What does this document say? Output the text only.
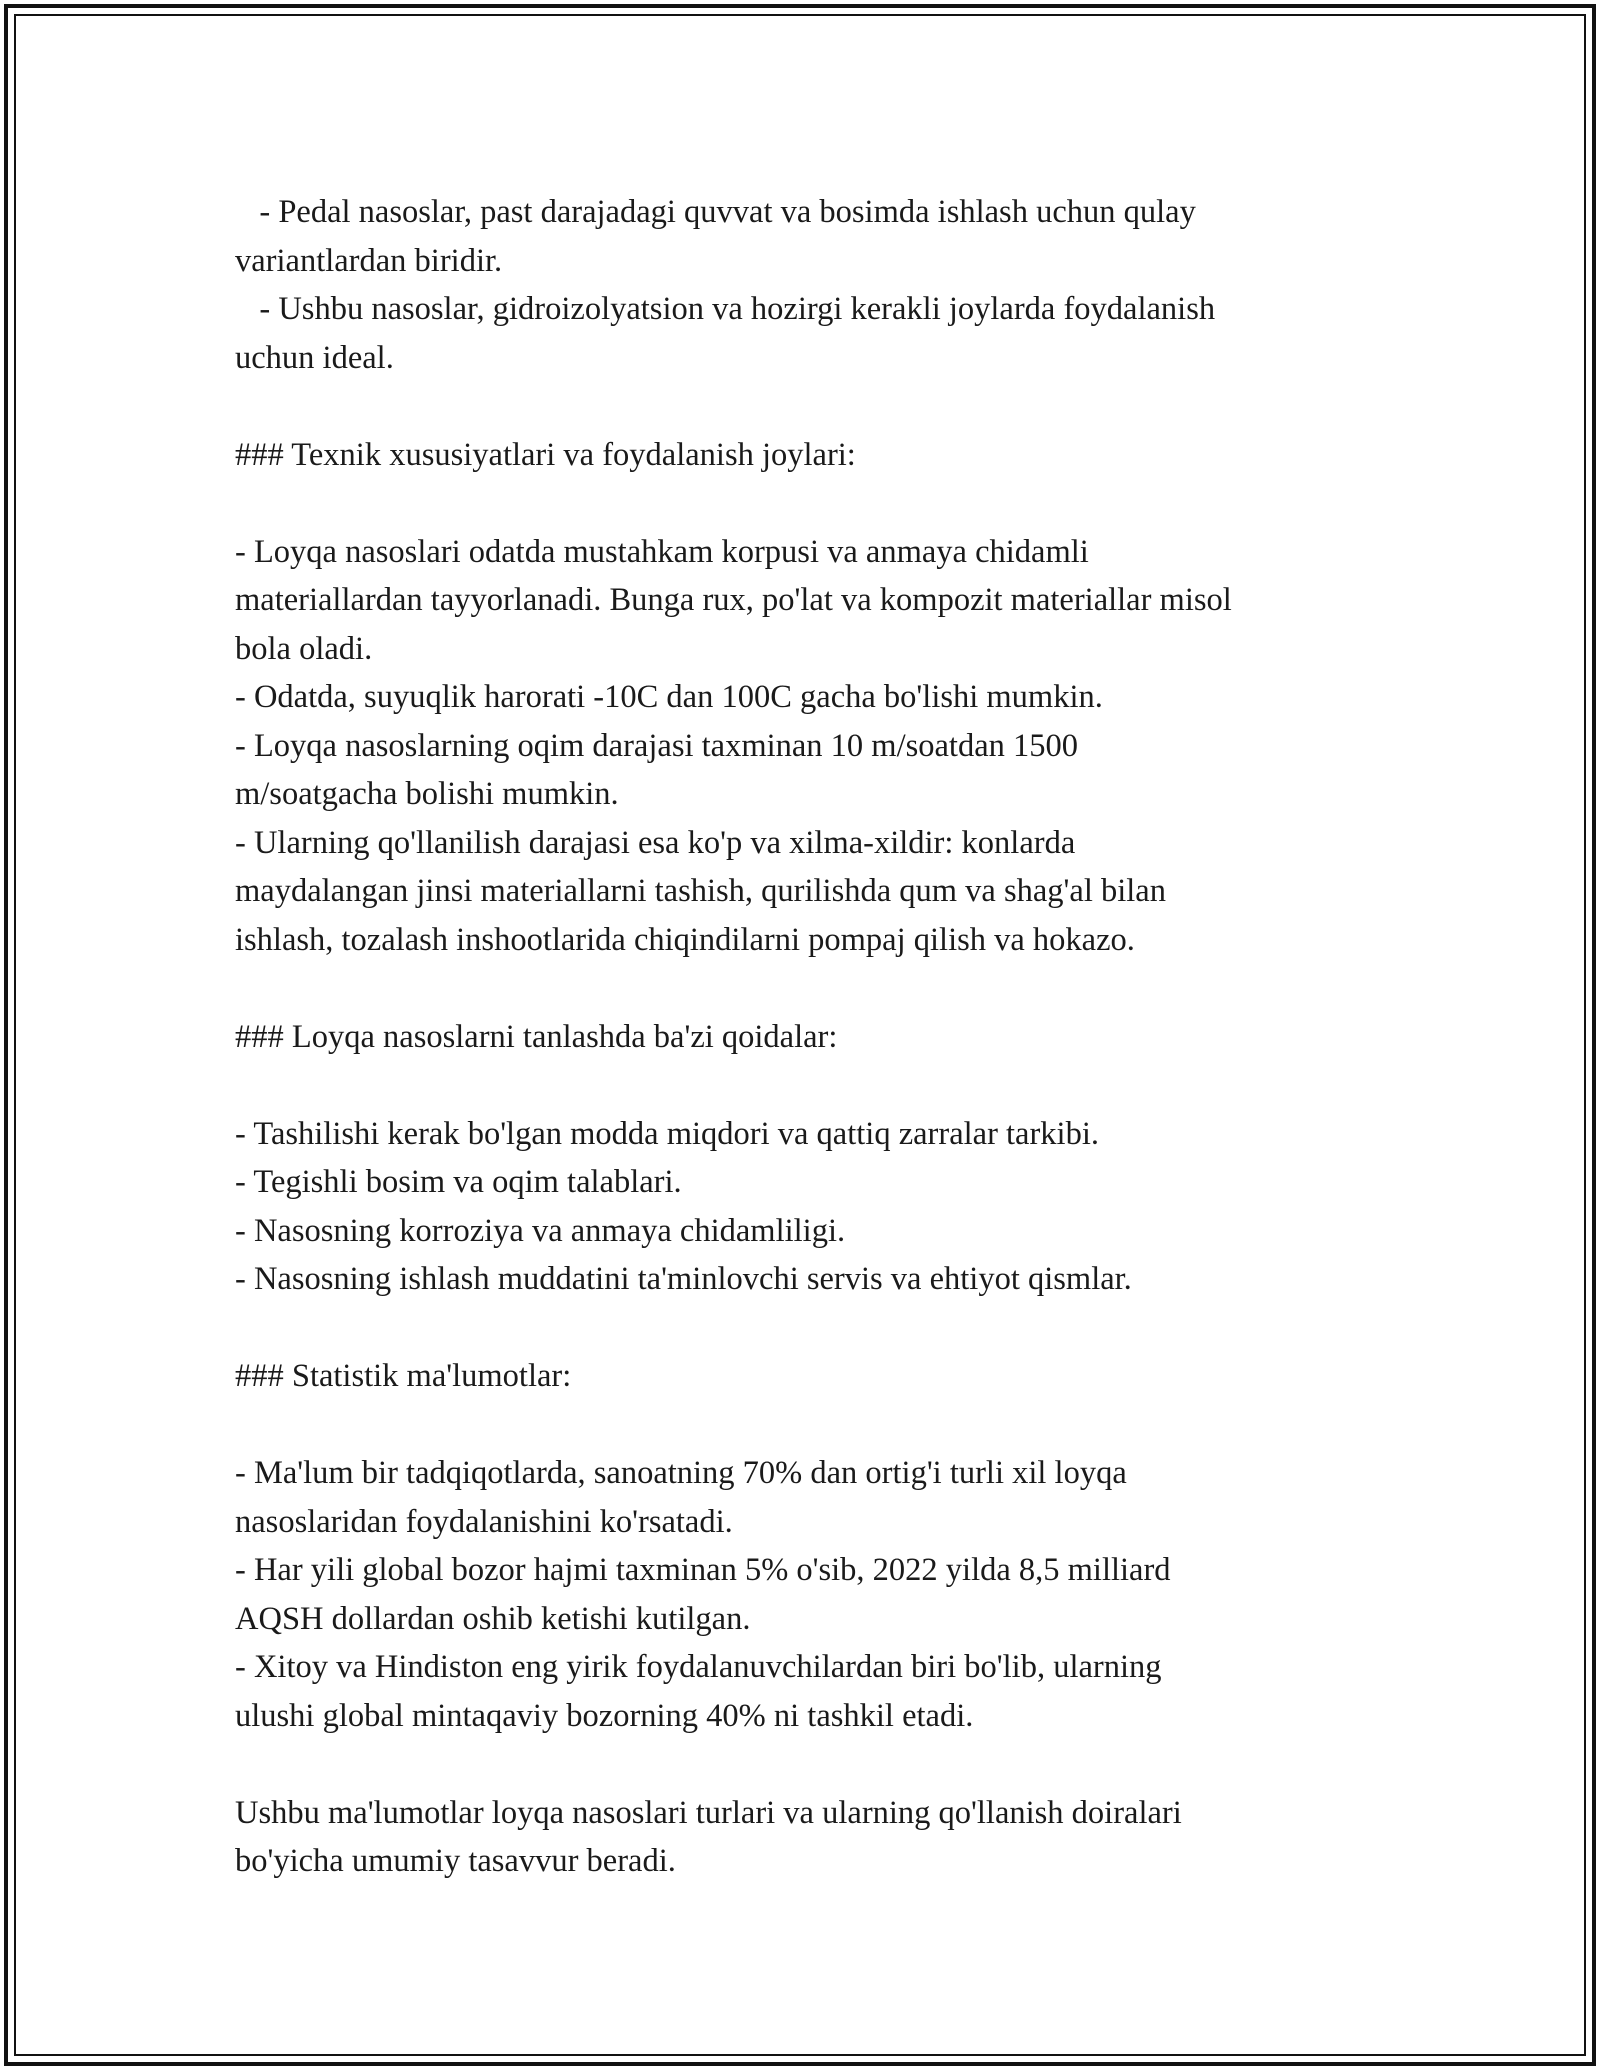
- Pedal nasoslar, past darajadagi quvvat va bosimda ishlash uchun qulay

variantlardan biridir.

- Ushbu nasoslar, gidroizolyatsion va hozirgi kerakli joylarda foydalanish

uchun ideal.

### Texnik xususiyatlari va foydalanish joylari:

- Loyqa nasoslari odatda mustahkam korpusi va anmaya chidamli

materiallardan tayyorlanadi. Bunga rux, po'lat va kompozit materiallar misol

bola oladi.

- Odatda, suyuqlik harorati -10C dan 100C gacha bo'lishi mumkin.

- Loyqa nasoslarning oqim darajasi taxminan 10 m/soatdan 1500

m/soatgacha bolishi mumkin.

- Ularning qo'llanilish darajasi esa ko'p va xilma-xildir: konlarda

maydalangan jinsi materiallarni tashish, qurilishda qum va shag'al bilan

ishlash, tozalash inshootlarida chiqindilarni pompaj qilish va hokazo.

### Loyqa nasoslarni tanlashda ba'zi qoidalar:

- Tashilishi kerak bo'lgan modda miqdori va qattiq zarralar tarkibi.

- Tegishli bosim va oqim talablari.

- Nasosning korroziya va anmaya chidamliligi.

- Nasosning ishlash muddatini ta'minlovchi servis va ehtiyot qismlar.

### Statistik ma'lumotlar:

- Ma'lum bir tadqiqotlarda, sanoatning 70% dan ortig'i turli xil loyqa

nasoslaridan foydalanishini ko'rsatadi.

- Har yili global bozor hajmi taxminan 5% o'sib, 2022 yilda 8,5 milliard

AQSH dollardan oshib ketishi kutilgan.

- Xitoy va Hindiston eng yirik foydalanuvchilardan biri bo'lib, ularning

ulushi global mintaqaviy bozorning 40% ni tashkil etadi.

Ushbu ma'lumotlar loyqa nasoslari turlari va ularning qo'llanish doiralari

bo'yicha umumiy tasavvur beradi.
